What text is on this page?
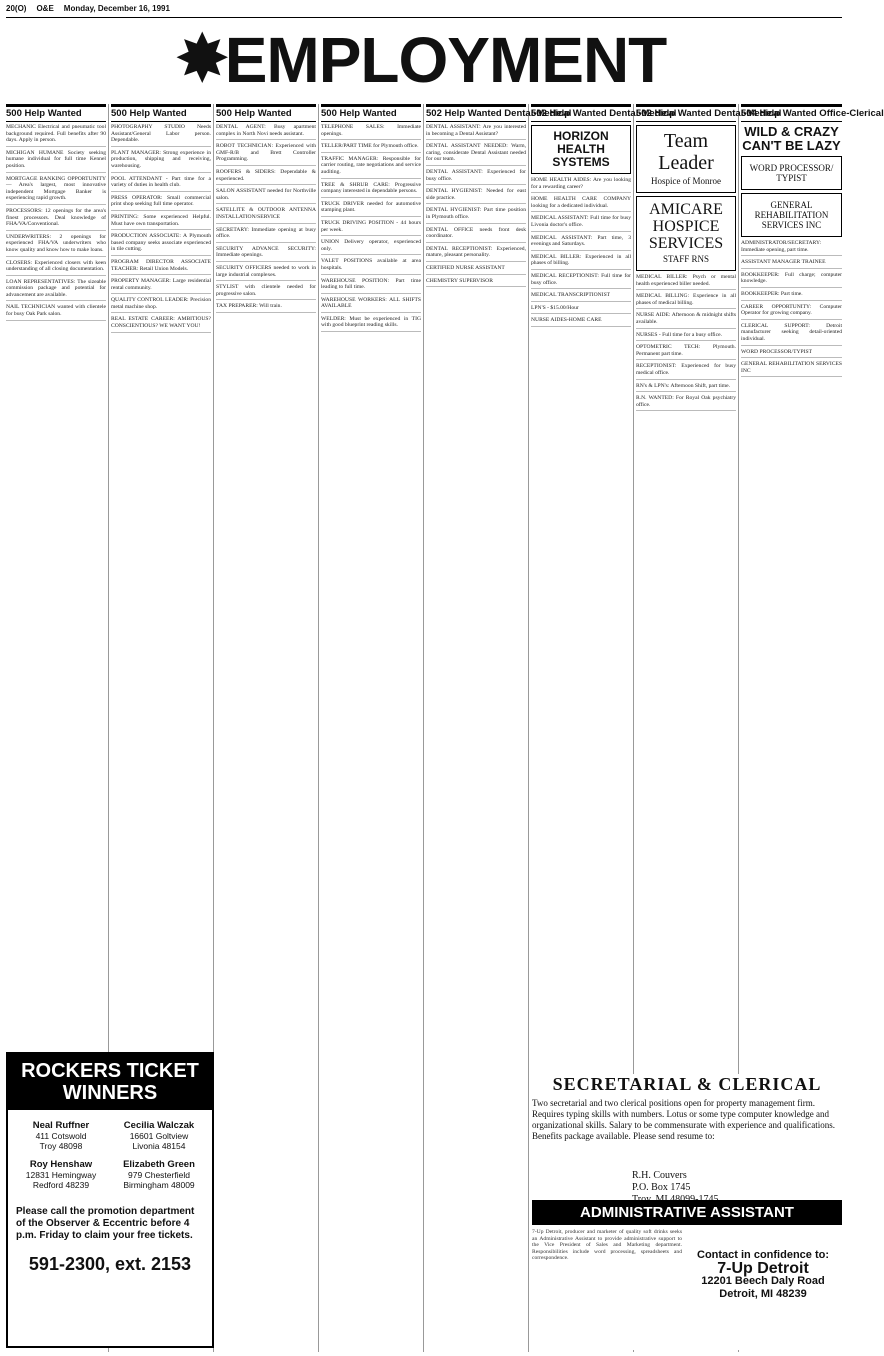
20(O) O&E Monday, December 16, 1991
✸
EMPLOYMENT
500 Help Wanted
MECHANIC Electrical and pneumatic tool background required. Full benefits after 90 days. Apply in person.
MICHIGAN HUMANE Society seeking humane individual for full time Kennel position.
MORTGAGE BANKING OPPORTUNITY — Area's largest, most innovative independent Mortgage Banker is experiencing rapid growth.
PROCESSORS: 12 openings for the area's finest processors. Deal knowledge of FHA/VA/Conventional.
UNDERWRITERS: 2 openings for experienced FHA/VA underwriters who know quality and know how to make loans.
CLOSERS: Experienced closers with keen understanding of all closing documentation.
LOAN REPRESENTATIVES: The sizeable commission package and potential for advancement are available.
NAIL TECHNICIAN wanted with clientele for busy Oak Park salon.
500 Help Wanted
PHOTOGRAPHY STUDIO Needs Assistant/General Labor person. Dependable.
PLANT MANAGER: Strong experience in production, shipping and receiving, warehousing.
POOL ATTENDANT - Part time for a variety of duties in health club.
PRESS OPERATOR: Small commercial print shop seeking full time operator.
PRINTING: Some experienced Helpful. Must have own transportation.
PRODUCTION ASSOCIATE: A Plymouth based company seeks associate experienced in tile cutting.
PROGRAM DIRECTOR ASSOCIATE TEACHER: Retail Union Models.
PROPERTY MANAGER: Large residential rental community.
QUALITY CONTROL LEADER: Precision metal machine shop.
REAL ESTATE CAREER: AMBITIOUS? CONSCIENTIOUS? WE WANT YOU!
500 Help Wanted
DENTAL AGENT: Busy apartment complex in North Novi needs assistant.
ROBOT TECHNICIAN: Experienced with GMF-R/B and Brett Controller Programming.
ROOFERS & SIDERS: Dependable & experienced.
SALON ASSISTANT needed for Northville salon.
SATELLITE & OUTDOOR ANTENNA INSTALLATION/SERVICE
SECRETARY: Immediate opening at busy office.
SECURITY ADVANCE SECURITY: Immediate openings.
SECURITY OFFICERS needed to work in large industrial complexes.
STYLIST with clientele needed for progressive salon.
TAX PREPARER: Will train.
500 Help Wanted
TELEPHONE SALES: Immediate openings.
TELLER/PART TIME for Plymouth office.
TRAFFIC MANAGER: Responsible for carrier routing, rate negotiations and service auditing.
TREE & SHRUB CARE: Progressive company interested in dependable persons.
TRUCK DRIVER needed for automotive stamping plant.
TRUCK DRIVING POSITION - 44 hours per week.
UNION Delivery operator, experienced only.
VALET POSITIONS available at area hospitals.
WAREHOUSE POSITION: Part time leading to full time.
WAREHOUSE WORKERS: ALL SHIFTS AVAILABLE
WELDER: Must be experienced in TIG with good blueprint reading skills.
502 Help Wanted Dental-Medical
DENTAL ASSISTANT: Are you interested in becoming a Dental Assistant?
DENTAL ASSISTANT NEEDED: Warm, caring, considerate Dental Assistant needed for our team.
DENTAL ASSISTANT: Experienced for busy office.
DENTAL HYGIENIST: Needed for east side practice.
DENTAL HYGIENIST: Part time position in Plymouth office.
DENTAL OFFICE needs front desk coordinator.
DENTAL RECEPTIONIST: Experienced, mature, pleasant personality.
CERTIFIED NURSE ASSISTANT
CHEMISTRY SUPERVISOR
502 Help Wanted Dental-Medical
HORIZON HEALTH SYSTEMS
HOME HEALTH AIDES: Are you looking for a rewarding career?
HOME HEALTH CARE COMPANY looking for a dedicated individual.
MEDICAL ASSISTANT: Full time for busy Livonia doctor's office.
MEDICAL ASSISTANT: Part time, 3 evenings and Saturdays.
MEDICAL BILLER: Experienced in all phases of billing.
MEDICAL RECEPTIONIST: Full time for busy office.
MEDICAL TRANSCRIPTIONIST
LPN'S - $15.00/Hour
NURSE AIDES-HOME CARE
502 Help Wanted Dental-Medical
Team Leader
Hospice of Monroe
AMICARE HOSPICE SERVICES
STAFF RNS
MEDICAL BILLER: Psych or mental health experienced biller needed.
MEDICAL BILLING: Experience in all phases of medical billing.
NURSE AIDE: Afternoon & midnight shifts available.
NURSES - Full time for a busy office.
OPTOMETRIC TECH: Plymouth. Permanent part time.
RECEPTIONIST: Experienced for busy medical office.
RN's & LPN's: Afternoon Shift, part time.
R.N. WANTED: For Royal Oak psychiatry office.
504 Help Wanted Office-Clerical
WILD & CRAZY CAN'T BE LAZY
WORD PROCESSOR/ TYPIST
GENERAL REHABILITATION SERVICES INC
ADMINISTRATOR/SECRETARY: Immediate opening, part time.
ASSISTANT MANAGER TRAINEE
BOOKKEEPER: Full charge; computer knowledge.
BOOKKEEPER: Part time.
CAREER OPPORTUNITY: Computer Operator for growing company.
CLERICAL SUPPORT: Detroit manufacturer seeking detail-oriented individual.
WORD PROCESSOR/TYPIST
GENERAL REHABILITATION SERVICES INC
ROCKERS TICKET WINNERS
Neal Ruffner
411 Cotswold
Troy 48098
Cecilia Walczak
16601 Goltview
Livonia 48154
Roy Henshaw
12831 Hemingway
Redford 48239
Elizabeth Green
979 Chesterfield
Birmingham 48009
Please call the promotion department of the Observer & Eccentric before 4 p.m. Friday to claim your free tickets.
591-2300, ext. 2153
SECRETARIAL & CLERICAL

Two secretarial and two clerical positions open for property management firm. Requires typing skills with numbers. Lotus or some type computer knowledge and organizational skills. Salary to be commensurate with experience and qualifications. Benefits package available. Please send resume to:

R.H. Couvers
P.O. Box 1745
ADMINISTRATIVE ASSISTANT
7-Up Detroit, producer and marketer of quality soft drinks seeks an Administrative Assistant to provide administrative support to the Vice President of Sales and Marketing department. Responsibilities include word processing, spreadsheets and correspondence.	Contact in confidence to:
7-Up Detroit
12201 Beech Daly Road
Detroit, MI 48239
